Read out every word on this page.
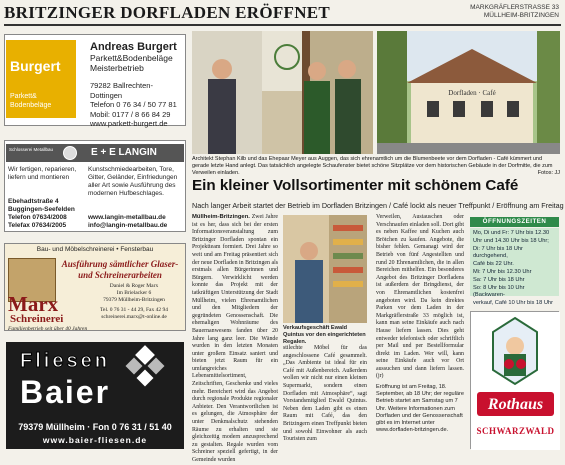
BRITZINGER DORFLADEN ERÖFFNET	MARKGRÄFLERSTRASSE 33
MÜLLHEIM-BRITZINGEN
Burgert
Parkett&
Bodenbeläge
Andreas Burgert
Parkett&Bodenbeläge
Meisterbetrieb
79282 Ballrechten-Dottingen
Telefon 0 76 34 / 50 77 81
Mobil: 0177 / 8 66 84 29
www.parkett-burgert.de
Schlosserei Metallbau	E + E LANGIN
Wir fertigen, reparieren, liefern und montieren
Kunstschmiedearbeiten, Tore, Gitter, Geländer, Einfriedungen aller Art sowie Ausführung des modernen Hufbeschlages.
Ebehadtstraße 4
Buggingen-Seefelden
Telefon 07634/2008
Telefax 07634/2005
www.langin-metallbau.de
info@langin-metallbau.de
Bau- und Möbelschreinerei • Fensterbau
Ausführung sämtlicher Glaser- und Schreinerarbeiten
Daniel & Roger Marx
Im Brielacker 6
79379 Müllheim-Britzingen
Tel. 0 76 31 - 44 29, Fax 42 94
schreinerei.marx@t-online.de
Marx
Schreinerei
Familienbetrieb seit über 40 Jahren
Fliesen
Baier
79379 Müllheim · Fon 0 76 31 / 51 40
www.baier-fliesen.de
Dorfladen · Café
Architekt Stephan Kilb und das Ehepaar Meyer aus Auggen, das sich ehrenamtlich um die Blumenbeete vor dem Dorfladen - Café kümmert und gerade letzte Hand anlegt. Das tatsächlich angelegte Schaufenster bietet schöne Sitzplätze vor dem historischen Gebäude in der Dorfmitte, die zum Verweilen einladen.	Fotos: JJ
Ein kleiner Vollsortimenter mit schönem Café
Nach langer Arbeit startet der Betrieb im Dorfladen Britzingen / Café lockt als neuer Treffpunkt / Eröffnung am Freitag
Müllheim-Britzingen. Zwei Jahre ist es her, dass sich bei der ersten Informationsveranstaltung zum Britzinger Dorfladen spontan ein Projektteam formiert. Drei Jahre so weit und am Freitag präsentiert sich der neue Dorfladen in Britzingen als erstmals allen Bürgerinnen und Bürgern. Verwirklicht werden konnte das Projekt mit der tatkräftigen Unterstützung der Stadt Müllheim, vielen Ehrenamtlichen und den Mitgliedern der gegründeten Genossenschaft. Die ehemaligen Wohnräume des Bauernanwesens fanden über 20 Jahre lang ganz leer. Die Wände wurden in den letzten Monaten unter großem Einsatz saniert und bieten jetzt Raum für ein umfangreiches Lebensmittelsortiment, Zeitschriften, Geschenke und vieles mehr. Bereichert wird das Angebot durch regionale Produkte regionaler Anbieter. Den Verantwortlichen ist es gelungen, die Atmosphäre der unter Denkmalschutz stehenden Räume zu erhalten und sie gleichzeitig modern anzusprechend zu gestalten. Regale wurden vom Schreiner speziell gefertigt, in der Gemeinde wurden
Verkaufsgeschäft Ewald Quintus vor den eingerichteten Regalen.
stilechte Möbel für das angeschlossene Café gesammelt. „Das Ambiente ist ideal für ein Café mit Außenbereich. Außerdem wollen wir nicht nur einen kleinen Supermarkt, sondern einen Dorfladen mit Atmosphäre“, sagt Vorstandsmitglied Ewald Quintus. Neben dem Laden gibt es einen Raum mit Café, das den Britzingern einen Treffpunkt bieten und sowohl Einwohner als auch Touristen zum
Verweilen, Austauschen oder Verschnaufen einladen soll. Dort gibt es neben Kaffee und Kuchen auch Brötchen zu kaufen. Angebote, die bisher fehlen. Gemanagt wird der Betrieb von fünf Angestellten und rund 20 Ehrenamtlichen, die in allen Bereichen mithelfen. Ein besonderes Angebot des Britzinger Dorfladens ist außerdem der Bringdienst, der von Ehrenamtlichen kostenfrei angeboten wird. Da kein direktes Parken vor dem Laden in der Markgräflerstraße 33 möglich ist, kann man seine Einkäufe auch nach Hause liefern lassen. Dies geht entweder telefonisch oder schriftlich per Mail und per Bestellformular direkt im Laden. Wer will, kann seine Einkäufe auch vor Ort aussuchen und dann liefern lassen. (jr)
Eröffnung ist am Freitag, 18. September, ab 18 Uhr; der reguläre Betrieb startet am Samstag um 7 Uhr. Weitere Informationen zum Dorfladen und der Genossenschaft gibt es im Internet unter www.dorfladen-britzingen.de.
ÖFFNUNGSZEITEN
Mo, Di und Fr: 7 Uhr bis 12.30
Uhr und 14.30 Uhr bis 18 Uhr;
Di: 7 Uhr bis 18 Uhr durchgehend,
Café bis 22 Uhr.
Mi: 7 Uhr bis 12.30 Uhr
Sa: 7 Uhr bis 18 Uhr
So: 8 Uhr bis 10 Uhr (Backwaren-
verkauf, Café 10 Uhr bis 18 Uhr
Rothaus
SCHWARZWALD
